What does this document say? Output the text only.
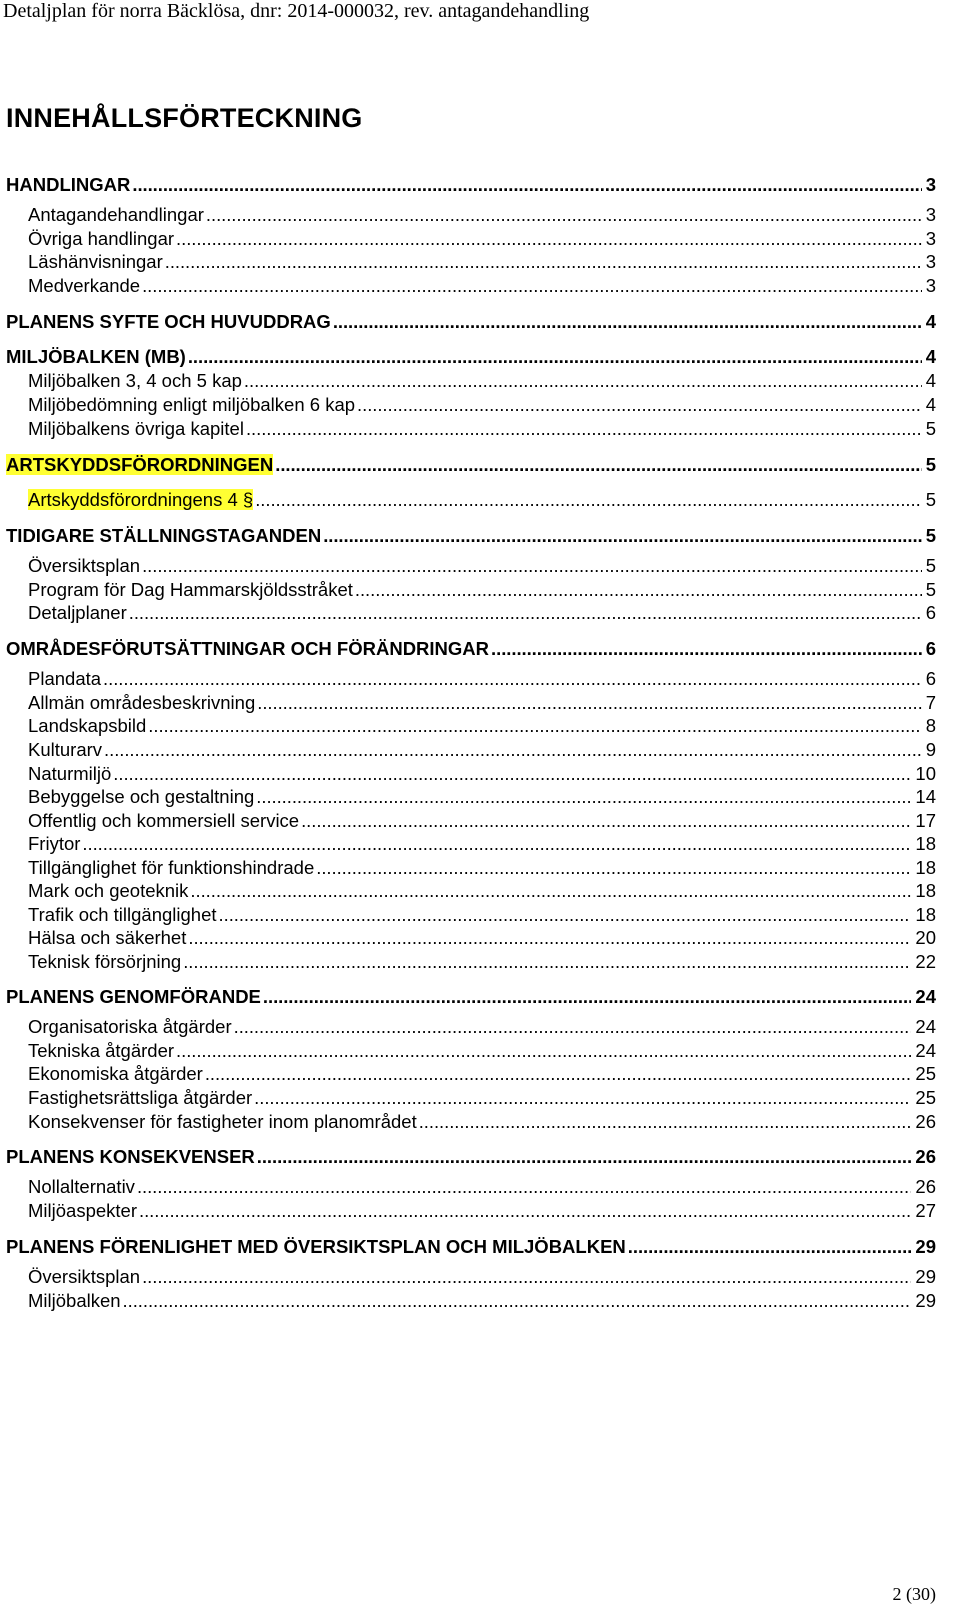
Detaljplan för norra Bäcklösa, dnr: 2014-000032, rev. antagandehandling
INNEHÅLLSFÖRTECKNING
HANDLINGAR . . .	3
Antagandehandlingar . . .	3
Övriga handlingar . . .	3
Läshänvisningar . . .	3
Medverkande . . .	3
PLANENS SYFTE OCH HUVUDDRAG . . .	4
MILJÖBALKEN (MB) . . .	4
Miljöbalken 3, 4 och 5 kap . . .	4
Miljöbedömning enligt miljöbalken 6 kap . . .	4
Miljöbalkens övriga kapitel . . .	5
ARTSKYDDSFÖRORDNINGEN . . .	5
Artskyddsförordningens 4 § . . .	5
TIDIGARE STÄLLNINGSTAGANDEN . . .	5
Översiktsplan . . .	5
Program för Dag Hammarskjöldsstråket . . .	5
Detaljplaner . . .	6
OMRÅDESFÖRUTSÄTTNINGAR OCH FÖRÄNDRINGAR . . .	6
Plandata . . .	6
Allmän områdesbeskrivning . . .	7
Landskapsbild . . .	8
Kulturarv . . .	9
Naturmiljö . . .	10
Bebyggelse och gestaltning . . .	14
Offentlig och kommersiell service . . .	17
Friytor . . .	18
Tillgänglighet för funktionshindrade . . .	18
Mark och geoteknik . . .	18
Trafik och tillgänglighet . . .	18
Hälsa och säkerhet . . .	20
Teknisk försörjning . . .	22
PLANENS GENOMFÖRANDE . . .	24
Organisatoriska åtgärder . . .	24
Tekniska åtgärder . . .	24
Ekonomiska åtgärder . . .	25
Fastighetsrättsliga åtgärder . . .	25
Konsekvenser för fastigheter inom planområdet . . .	26
PLANENS KONSEKVENSER . . .	26
Nollalternativ . . .	26
Miljöaspekter . . .	27
PLANENS FÖRENLIGHET MED ÖVERSIKTSPLAN OCH MILJÖBALKEN . . .	29
Översiktsplan . . .	29
Miljöbalken . . .	29
2 (30)
